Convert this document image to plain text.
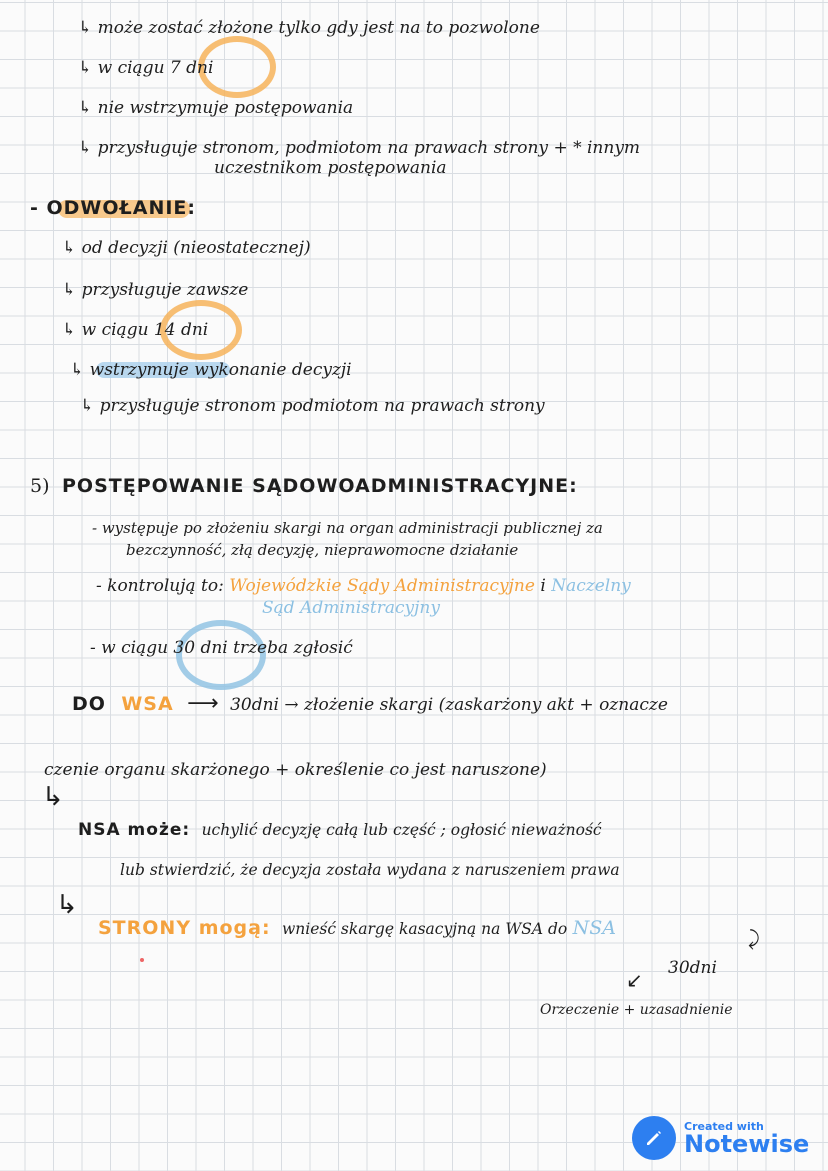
↳ może zostać złożone tylko gdy jest na to pozwolone
↳ w ciągu 7 dni
↳ nie wstrzymuje postępowania
↳ przysługuje stronom, podmiotom na prawach strony + * innym
uczestnikom postępowania
- ODWOŁANIE:
↳ od decyzji (nieostatecznej)
↳ przysługuje zawsze
↳ w ciągu 14 dni
↳ wstrzymuje wykonanie decyzji
↳ przysługuje stronom podmiotom na prawach strony
5) POSTĘPOWANIE SĄDOWOADMINISTRACYJNE:
- występuje po złożeniu skargi na organ administracji publicznej za
bezczynność, złą decyzję, nieprawomocne działanie
- kontrolują to: Wojewódzkie Sądy Administracyjne i Naczelny
Sąd Administracyjny
- w ciągu 30 dni trzeba zgłosić
DO WSA ⟶ 30dni → złożenie skargi (zaskarżony akt + oznacze
czenie organu skarżonego + określenie co jest naruszone)
↳
NSA może: uchylić decyzję całą lub część ; ogłosić nieważność
lub stwierdzić, że decyzja została wydana z naruszeniem prawa
↳
STRONY mogą: wnieść skargę kasacyjną na WSA do NSA	⤸
30dni
↙
Orzeczenie + uzasadnienie
Created with
Notewise
